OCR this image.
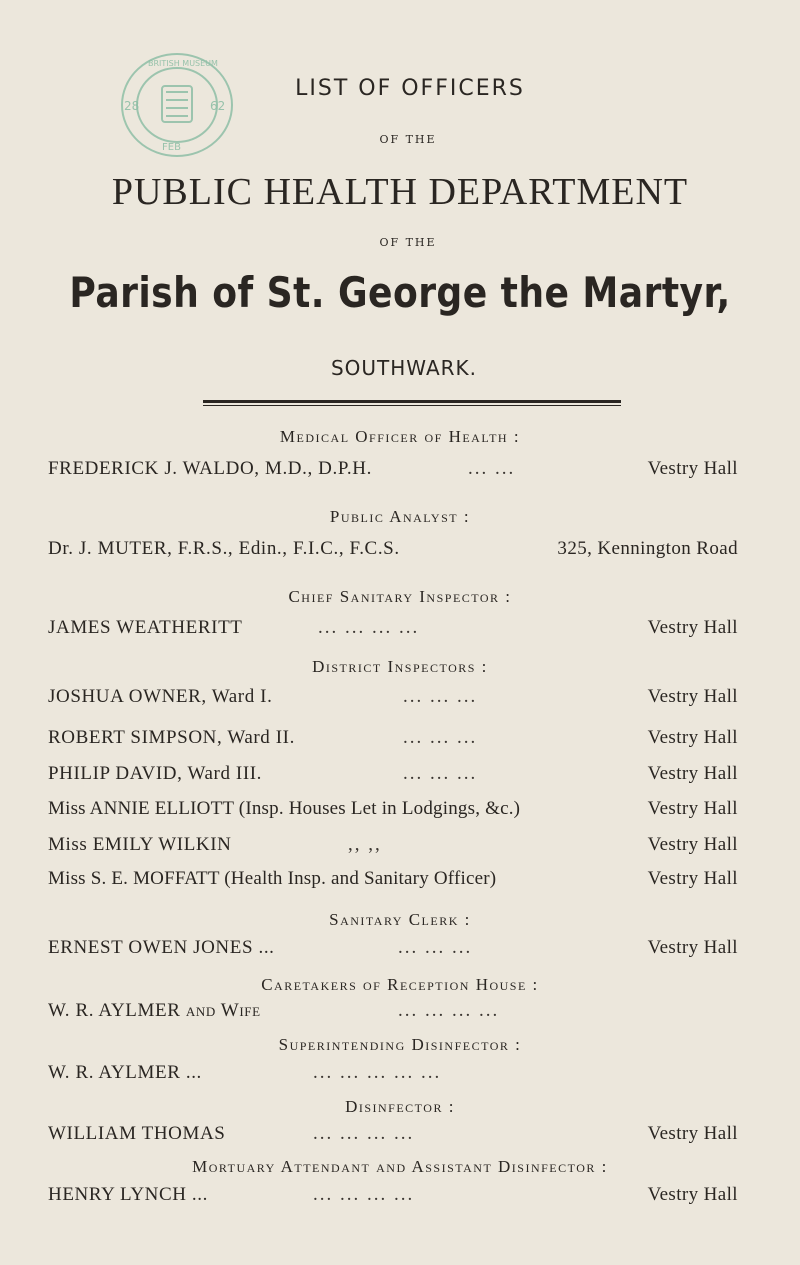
28	62
FEB
BRITISH MUSEUM
LIST OF OFFICERS
OF THE
PUBLIC HEALTH DEPARTMENT
OF THE
Parish of St. George the Martyr,
SOUTHWARK.
Medical Officer of Health :
FREDERICK J. WALDO, M.D., D.P.H.	... ...	Vestry Hall
Public Analyst :
Dr. J. MUTER, F.R.S., Edin., F.I.C., F.C.S.	325, Kennington Road
Chief Sanitary Inspector :
JAMES WEATHERITT	... ... ... ...	Vestry Hall
District Inspectors :
JOSHUA OWNER, Ward I.	... ... ...	Vestry Hall
ROBERT SIMPSON, Ward II.	... ... ...	Vestry Hall
PHILIP DAVID, Ward III.	... ... ...	Vestry Hall
Miss ANNIE ELLIOTT (Insp. Houses Let in Lodgings, &c.)	Vestry Hall
Miss EMILY WILKIN	,, ,,	Vestry Hall
Miss S. E. MOFFATT (Health Insp. and Sanitary Officer)	Vestry Hall
Sanitary Clerk :
ERNEST OWEN JONES ...	... ... ...	Vestry Hall
Caretakers of Reception House :
W. R. AYLMER and Wife	... ... ... ...
Superintending Disinfector :
W. R. AYLMER ...	... ... ... ... ...
Disinfector :
WILLIAM THOMAS	... ... ... ...	Vestry Hall
Mortuary Attendant and Assistant Disinfector :
HENRY LYNCH ...	... ... ... ...	Vestry Hall
